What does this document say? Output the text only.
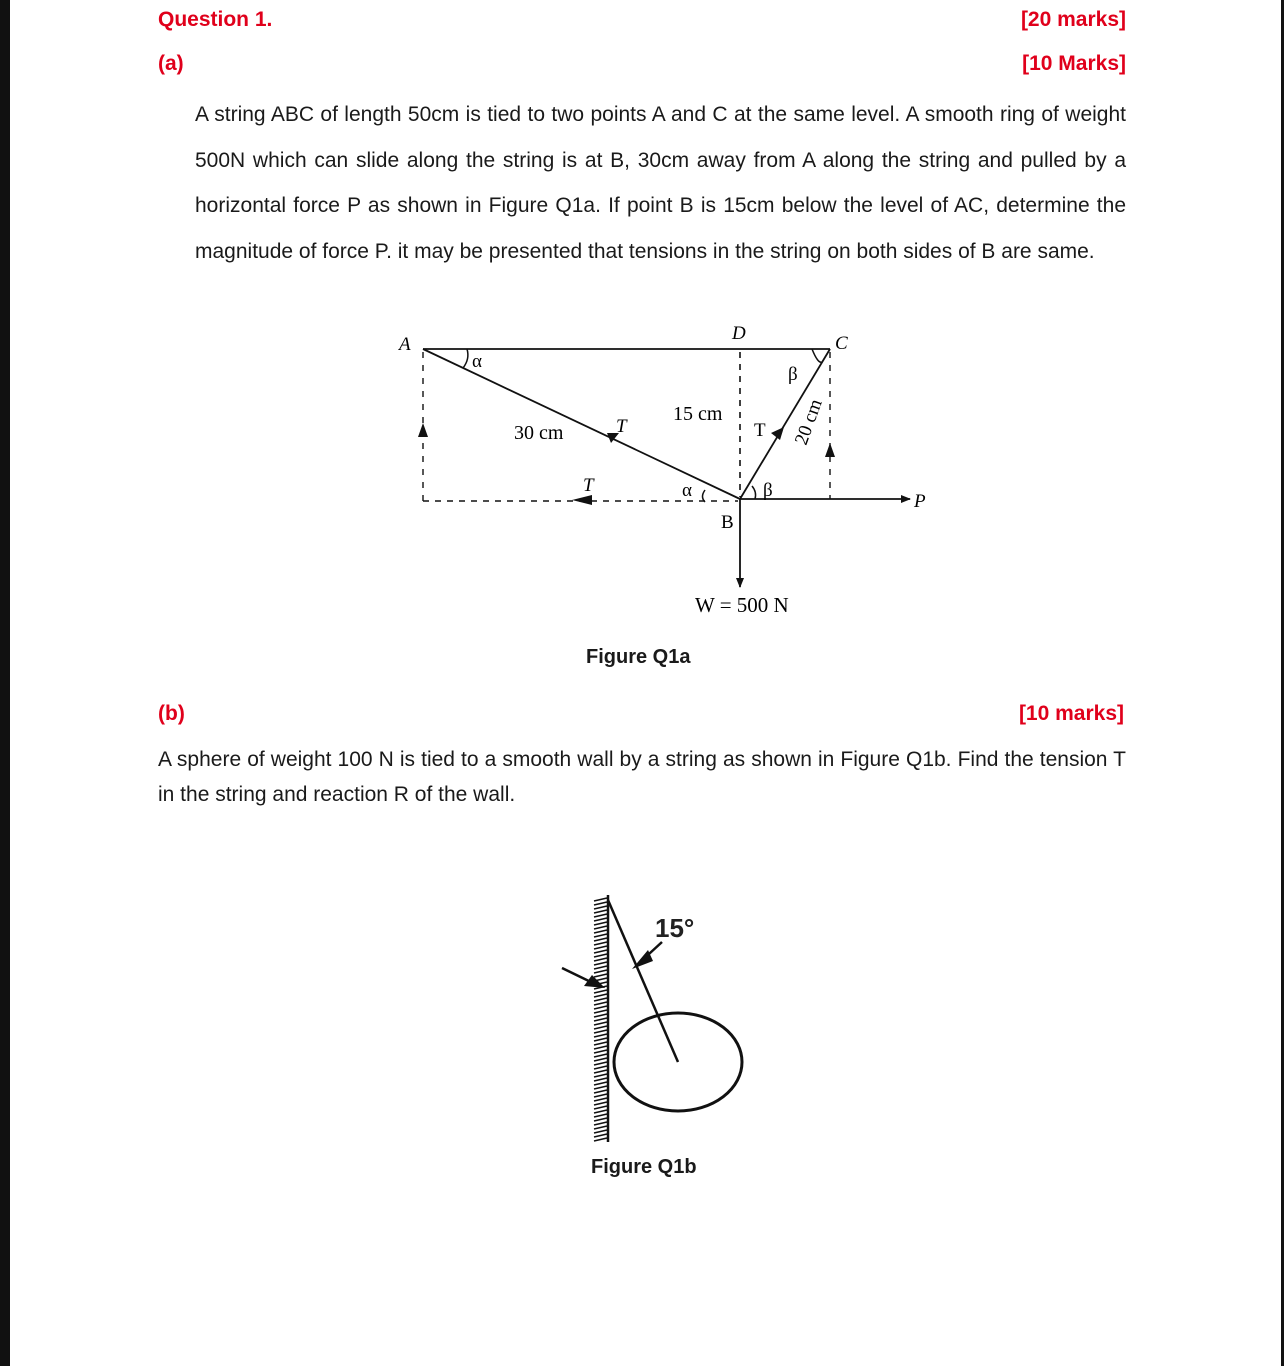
Question 1.	[20 marks]
(a)	[10 Marks]
A string ABC of length 50cm is tied to two points A and C at the same level. A smooth ring of weight 500N which can slide along the string is at B, 30cm away from A along the string and pulled by a horizontal force P as shown in Figure Q1a. If point B is 15cm below the level of AC, determine the magnitude of force P. it may be presented that tensions in the string on both sides of B are same.
A
D	C
B
α
β
α	β
30 cm
15 cm
T	T
T
P
W = 500 N
20 cm
Figure Q1a
(b)	[10 marks]
A sphere of weight 100 N is tied to a smooth wall by a string as shown in Figure Q1b. Find the tension T in the string and reaction R of the wall.
15°
Figure Q1b
